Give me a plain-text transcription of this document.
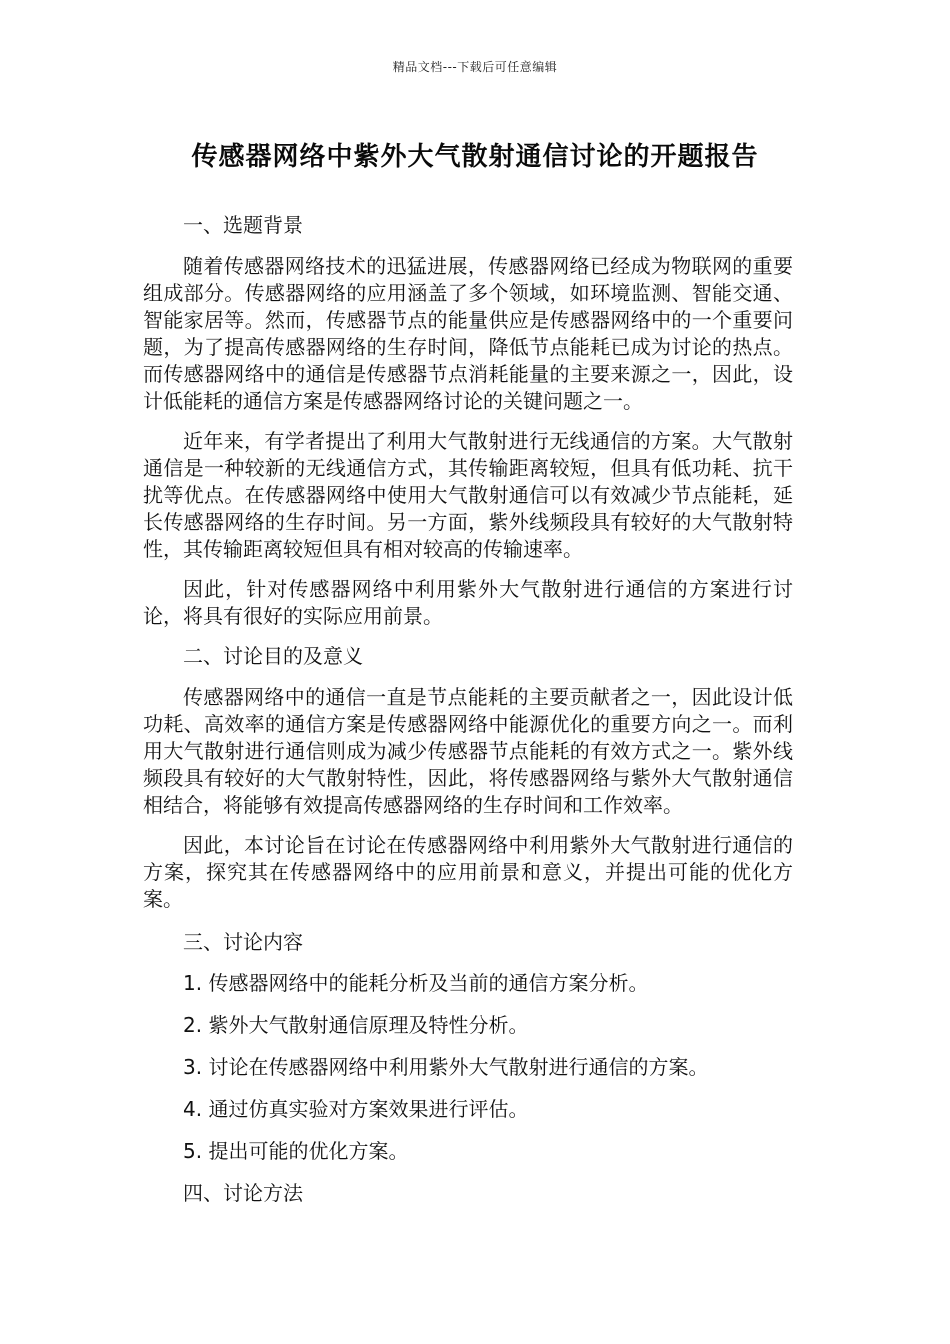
精品文档---下载后可任意编辑
传感器网络中紫外大气散射通信讨论的开题报告

一、选题背景

随着传感器网络技术的迅猛进展，传感器网络已经成为物联网的重要组成部分。传感器网络的应用涵盖了多个领域，如环境监测、智能交通、智能家居等。然而，传感器节点的能量供应是传感器网络中的一个重要问题，为了提高传感器网络的生存时间，降低节点能耗已成为讨论的热点。而传感器网络中的通信是传感器节点消耗能量的主要来源之一，因此，设计低能耗的通信方案是传感器网络讨论的关键问题之一。

近年来，有学者提出了利用大气散射进行无线通信的方案。大气散射通信是一种较新的无线通信方式，其传输距离较短，但具有低功耗、抗干扰等优点。在传感器网络中使用大气散射通信可以有效减少节点能耗，延长传感器网络的生存时间。另一方面，紫外线频段具有较好的大气散射特性，其传输距离较短但具有相对较高的传输速率。

因此，针对传感器网络中利用紫外大气散射进行通信的方案进行讨论，将具有很好的实际应用前景。

二、讨论目的及意义

传感器网络中的通信一直是节点能耗的主要贡献者之一，因此设计低功耗、高效率的通信方案是传感器网络中能源优化的重要方向之一。而利用大气散射进行通信则成为减少传感器节点能耗的有效方式之一。紫外线频段具有较好的大气散射特性，因此，将传感器网络与紫外大气散射通信相结合，将能够有效提高传感器网络的生存时间和工作效率。

因此，本讨论旨在讨论在传感器网络中利用紫外大气散射进行通信的方案，探究其在传感器网络中的应用前景和意义，并提出可能的优化方案。

三、讨论内容

1. 传感器网络中的能耗分析及当前的通信方案分析。

2. 紫外大气散射通信原理及特性分析。

3. 讨论在传感器网络中利用紫外大气散射进行通信的方案。

4. 通过仿真实验对方案效果进行评估。

5. 提出可能的优化方案。

四、讨论方法
